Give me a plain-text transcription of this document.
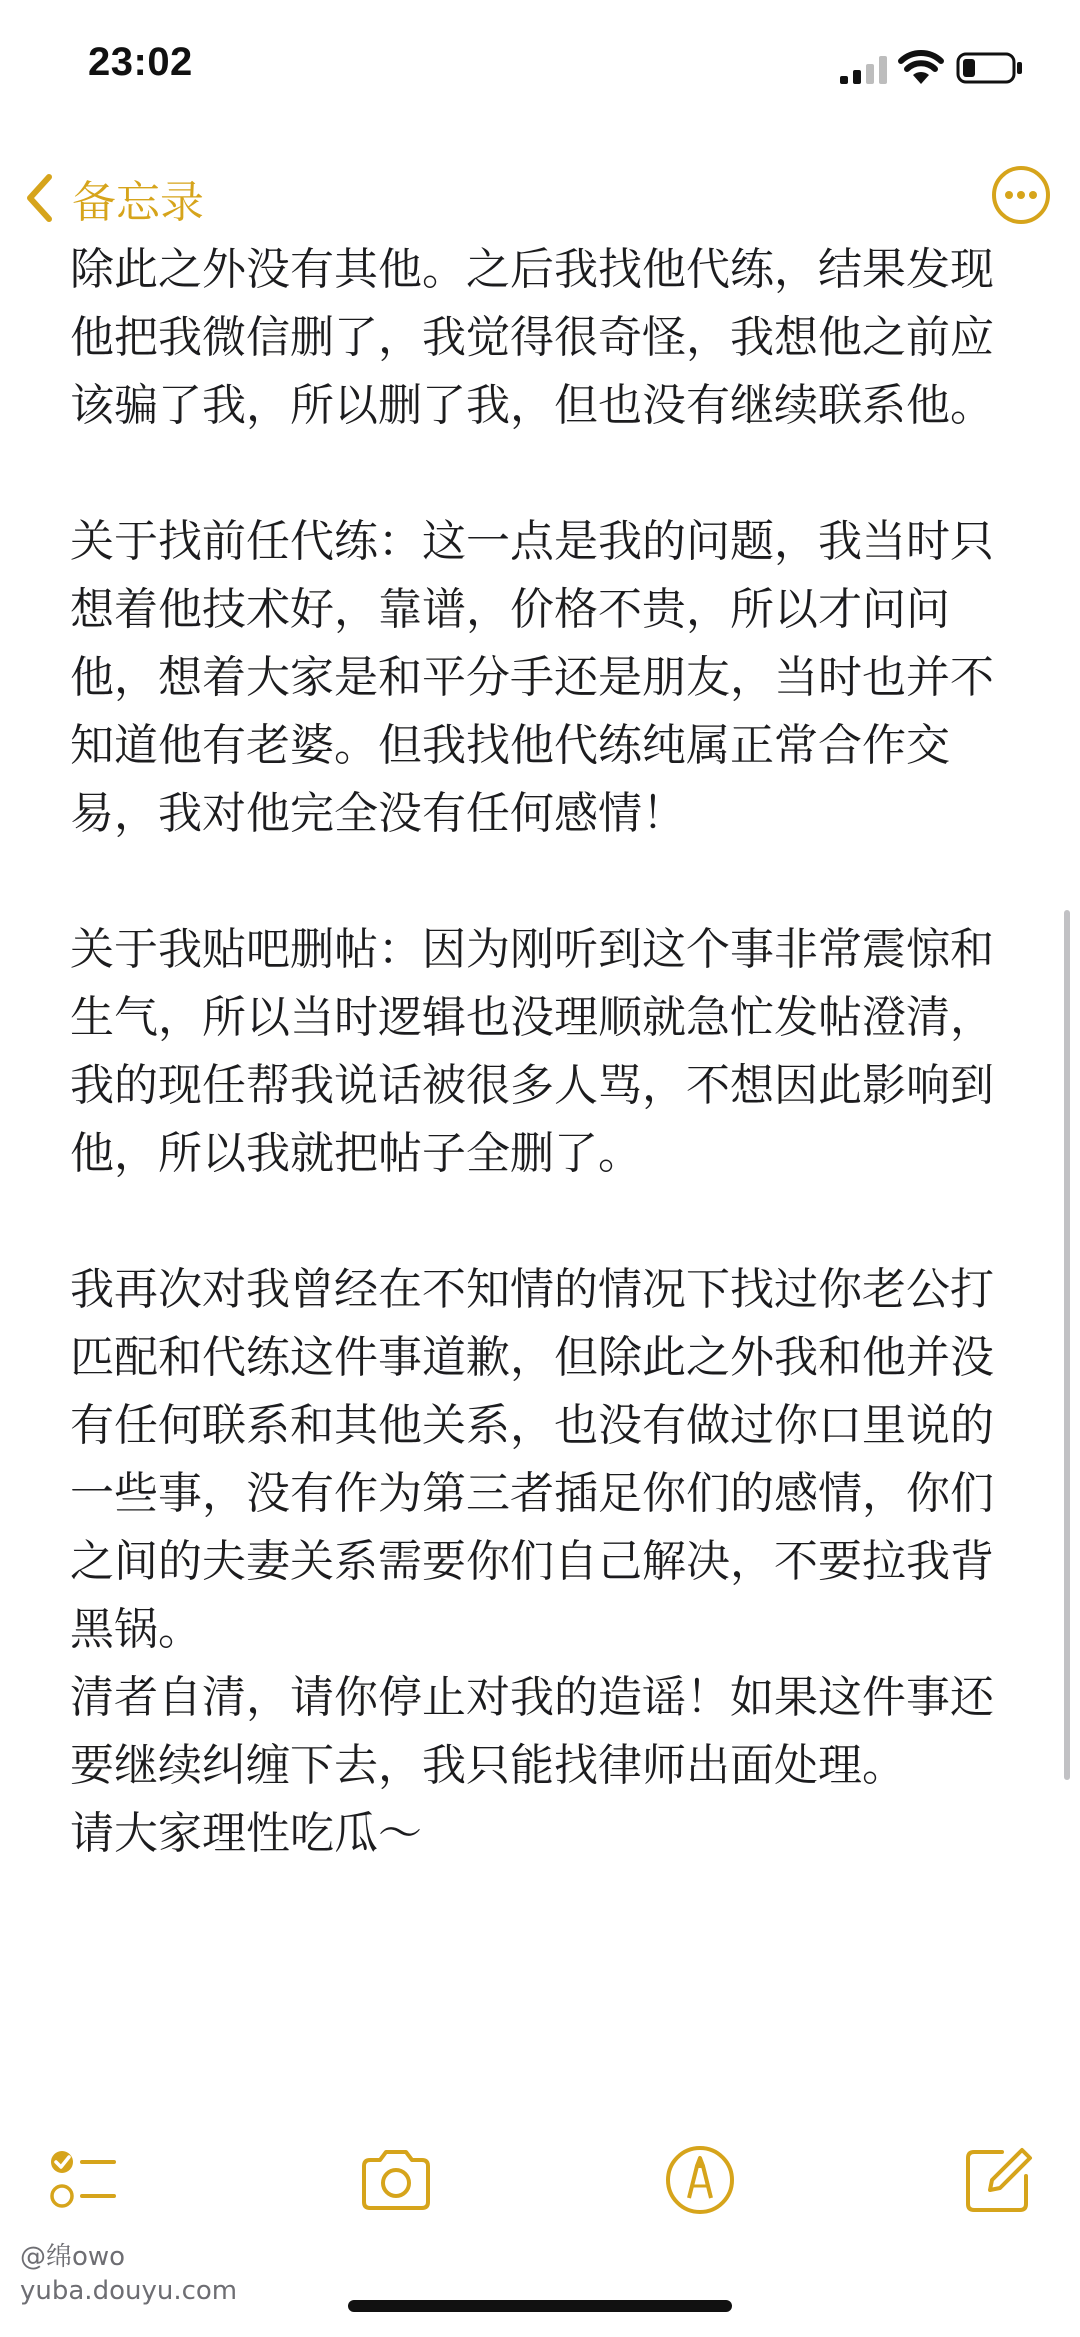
23:02
备忘录

除此之外没有其他。之后我找他代练，结果发现他把我微信删了，我觉得很奇怪，我想他之前应该骗了我，所以删了我，但也没有继续联系他。

关于找前任代练：这一点是我的问题，我当时只想着他技术好，靠谱，价格不贵，所以才问问他，想着大家是和平分手还是朋友，当时也并不知道他有老婆。但我找他代练纯属正常合作交易，我对他完全没有任何感情！

关于我贴吧删帖：因为刚听到这个事非常震惊和生气，所以当时逻辑也没理顺就急忙发帖澄清，我的现任帮我说话被很多人骂，不想因此影响到他，所以我就把帖子全删了。

我再次对我曾经在不知情的情况下找过你老公打匹配和代练这件事道歉，但除此之外我和他并没有任何联系和其他关系，也没有做过你口里说的一些事，没有作为第三者插足你们的感情，你们之间的夫妻关系需要你们自己解决，不要拉我背黑锅。

清者自清，请你停止对我的造谣！如果这件事还要继续纠缠下去，我只能找律师出面处理。

请大家理性吃瓜～

@绵owo
yuba.douyu.com
